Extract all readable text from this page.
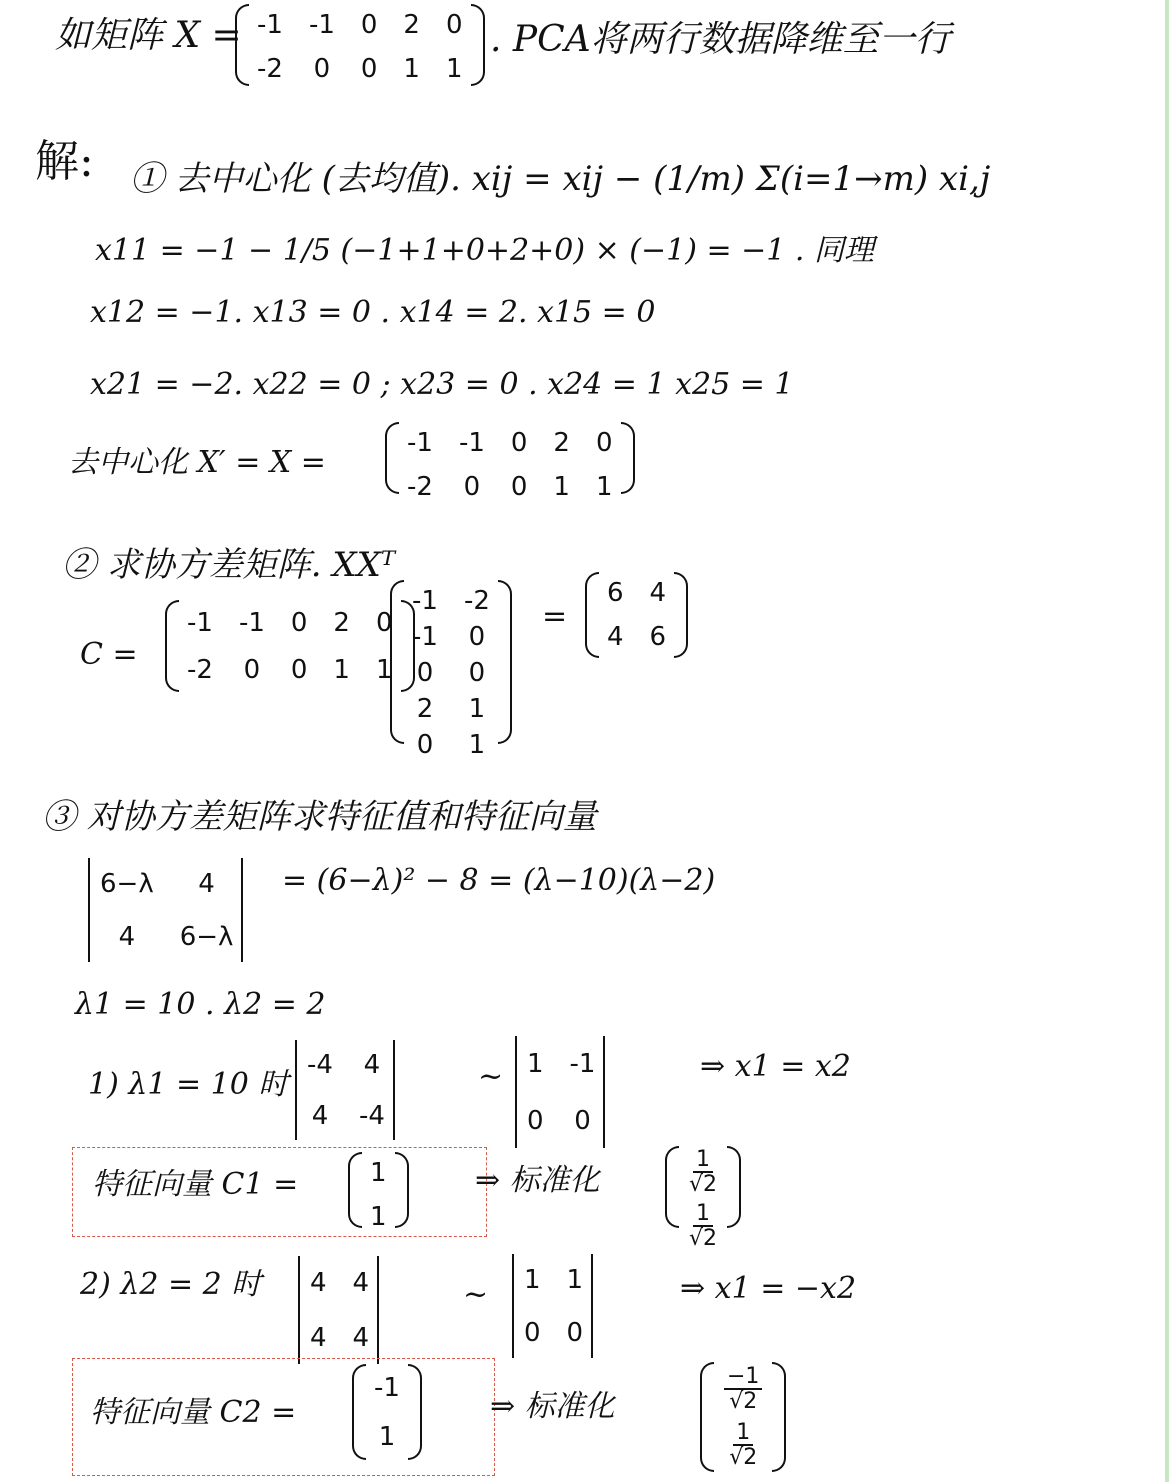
如矩阵 X = -1 -1 0 2 0
-2 0 0 1 1
. PCA将两行数据降维至一行
解: ① 去中心化 (去均值). xij = xij − (1/m) Σ(i=1→m) xi,j
x11 = −1 − 1/5 (−1+1+0+2+0) × (−1) = −1 . 同理
x12 = −1. x13 = 0 . x14 = 2. x15 = 0
x21 = −2. x22 = 0 ; x23 = 0 . x24 = 1 x25 = 1
去中心化 X′ = X =
-1 -1 0 2 0
-2 0 0 1 1
② 求协方差矩阵. XXᵀ
C =
-1 -1 0 2 0
-2 0 0 1 1
-1 -2
-1 0
0 0
2 1
0 1
=
6 4
4 6
③ 对协方差矩阵求特征值和特征向量
6−λ 4
4 6−λ
= (6−λ)² − 8 = (λ−10)(λ−2)
λ1 = 10 . λ2 = 2
1) λ1 = 10 时
-4 4
4 -4
~ 1 -1
0 0
⇒ x1 = x2
特征向量 C1 =	1
1
⇒ 标准化	$\frac{1}{√2}$
$\frac{1}{√2}$
2) λ2 = 2 时 4 4
4 4
~ 1 1
0 0
⇒ x1 = −x2
特征向量 C2 =
-1
1
⇒ 标准化	$\frac{-1}{√2}$
$\frac{1}{√2}$
